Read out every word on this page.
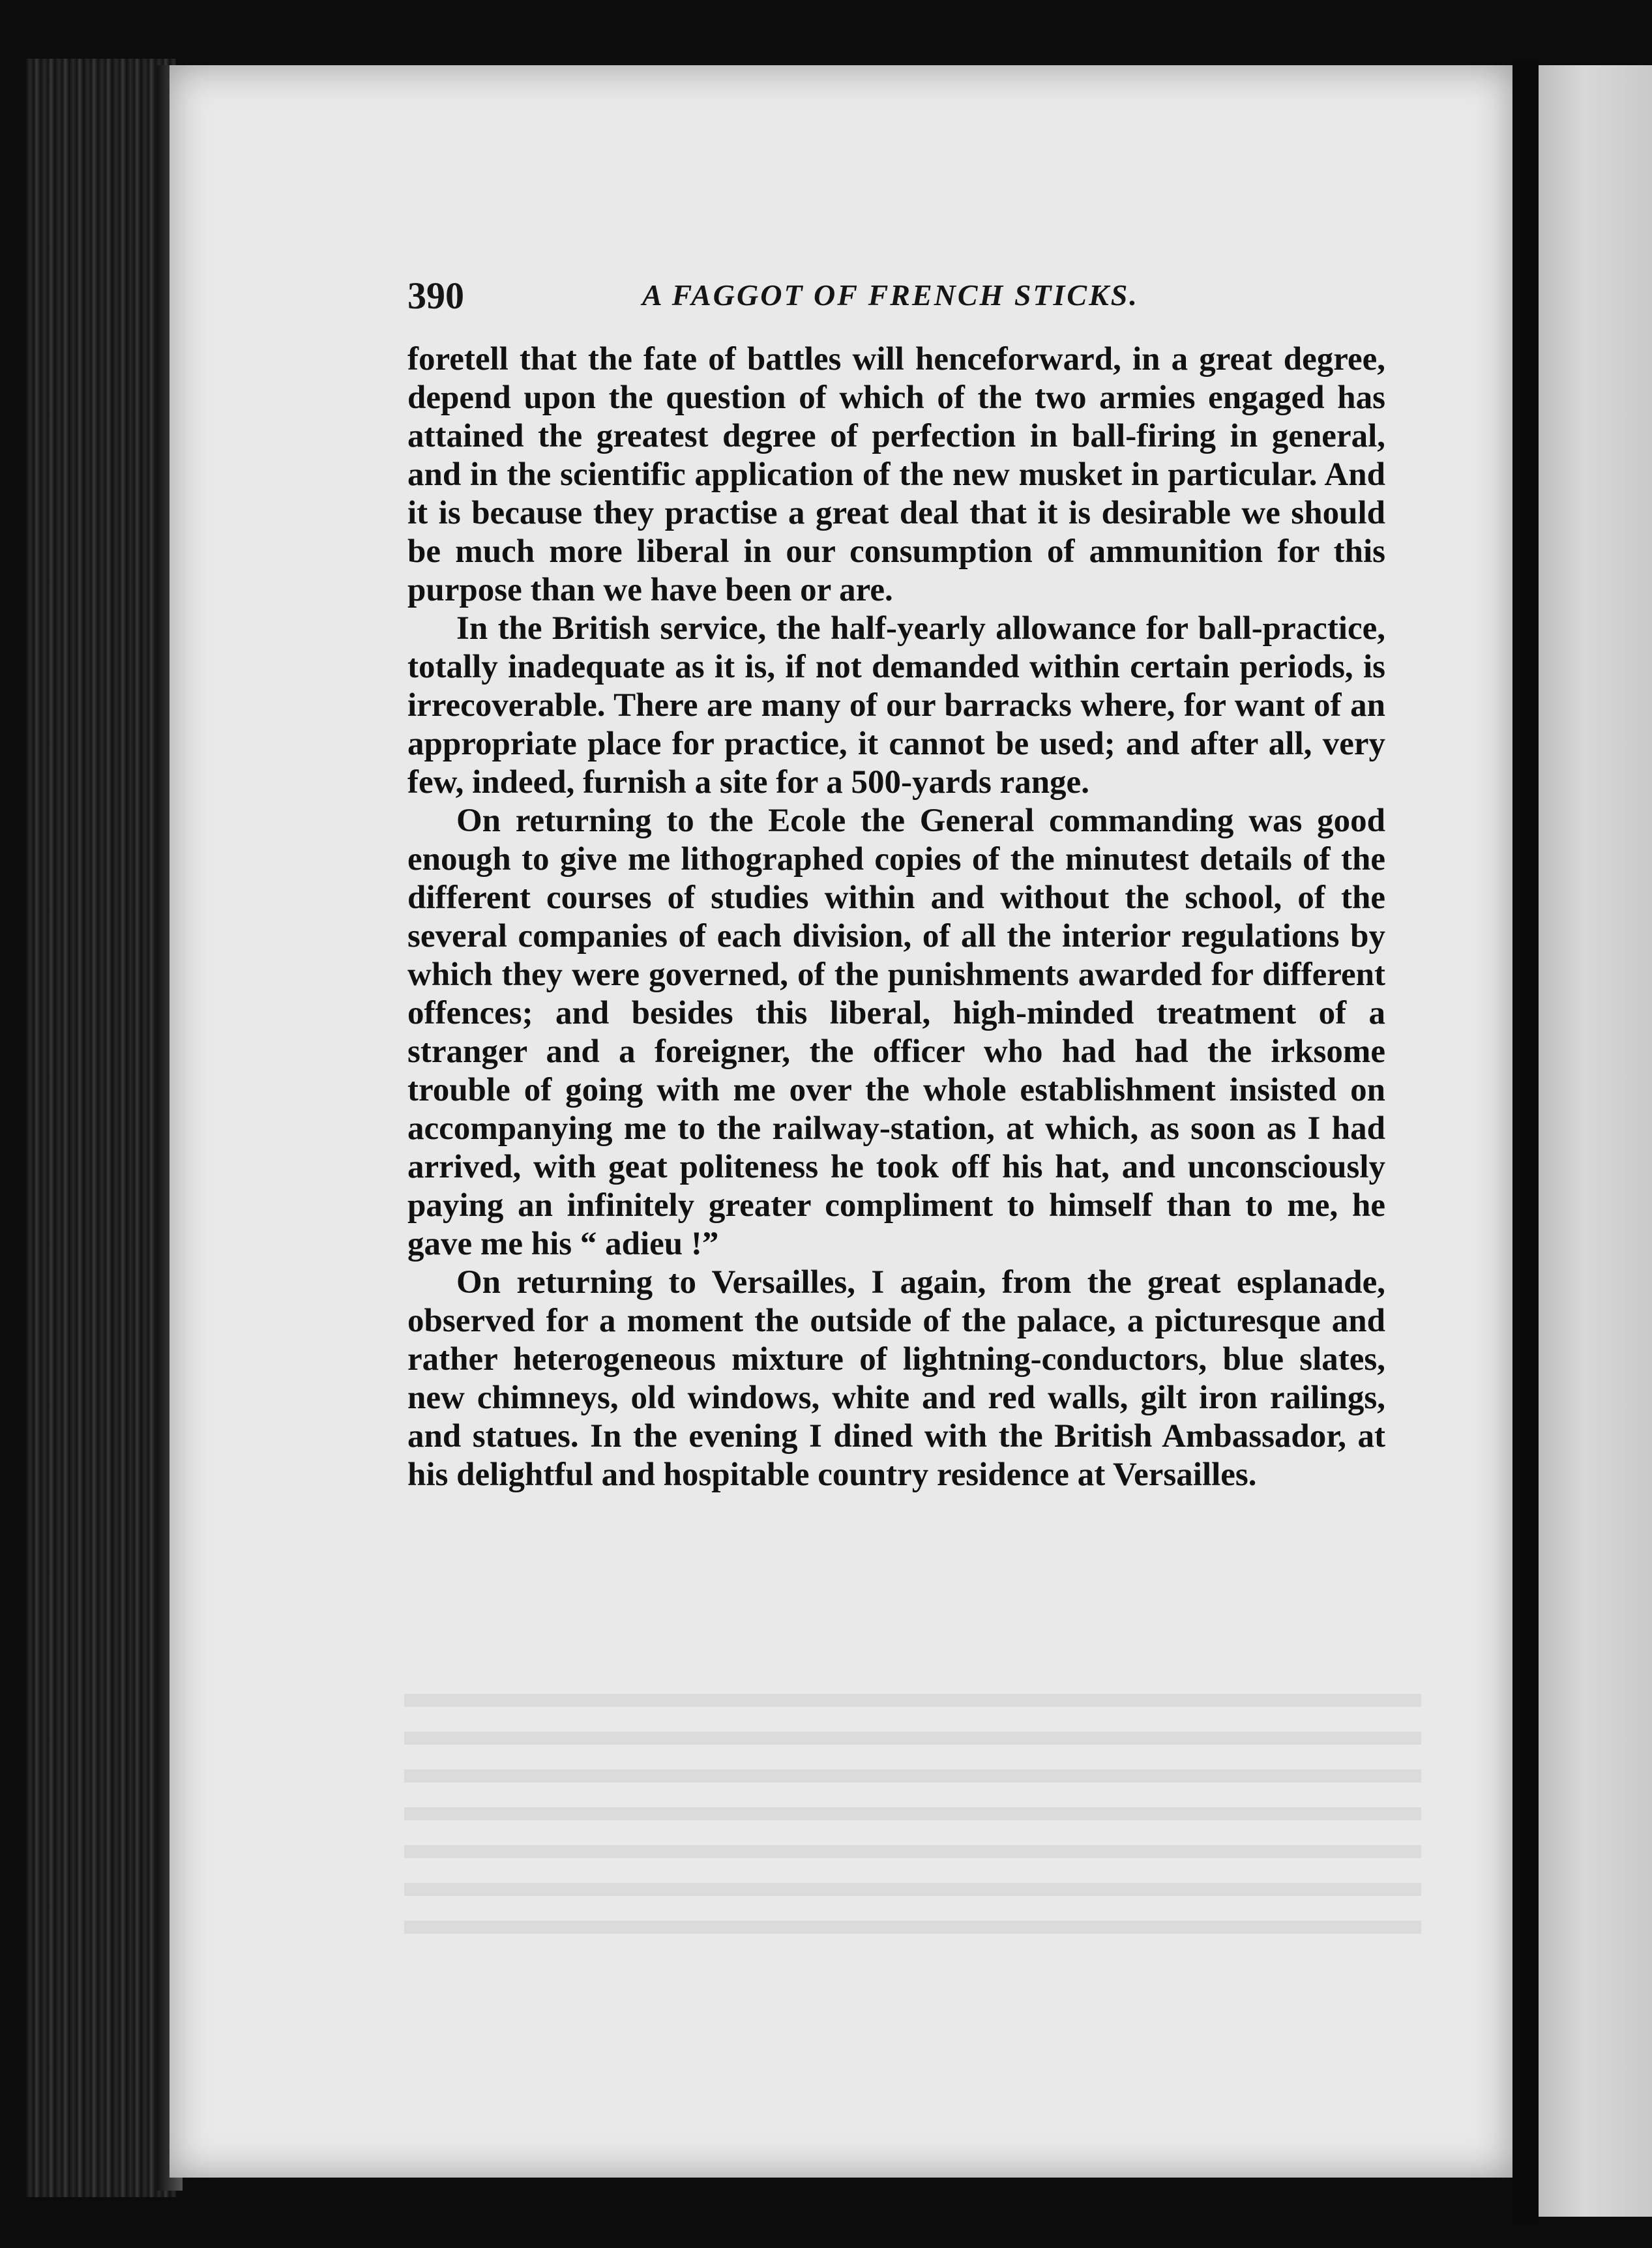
390	A FAGGOT OF FRENCH STICKS.

foretell that the fate of battles will henceforward, in a great degree, depend upon the question of which of the two armies engaged has attained the greatest degree of perfection in ball-firing in general, and in the scientific application of the new musket in particular. And it is because they practise a great deal that it is desirable we should be much more liberal in our consumption of ammunition for this purpose than we have been or are.

In the British service, the half-yearly allowance for ball-practice, totally inadequate as it is, if not demanded within certain periods, is irrecoverable. There are many of our barracks where, for want of an appropriate place for practice, it cannot be used; and after all, very few, indeed, furnish a site for a 500-yards range.

On returning to the Ecole the General commanding was good enough to give me lithographed copies of the minutest details of the different courses of studies within and without the school, of the several companies of each division, of all the interior regulations by which they were governed, of the punishments awarded for different offences; and besides this liberal, high-minded treatment of a stranger and a foreigner, the officer who had had the irksome trouble of going with me over the whole establishment insisted on accompanying me to the railway-station, at which, as soon as I had arrived, with geat politeness he took off his hat, and unconsciously paying an infinitely greater compliment to himself than to me, he gave me his “ adieu !”

On returning to Versailles, I again, from the great esplanade, observed for a moment the outside of the palace, a picturesque and rather heterogeneous mixture of lightning-conductors, blue slates, new chimneys, old windows, white and red walls, gilt iron railings, and statues. In the evening I dined with the British Ambassador, at his delightful and hospitable country residence at Versailles.
